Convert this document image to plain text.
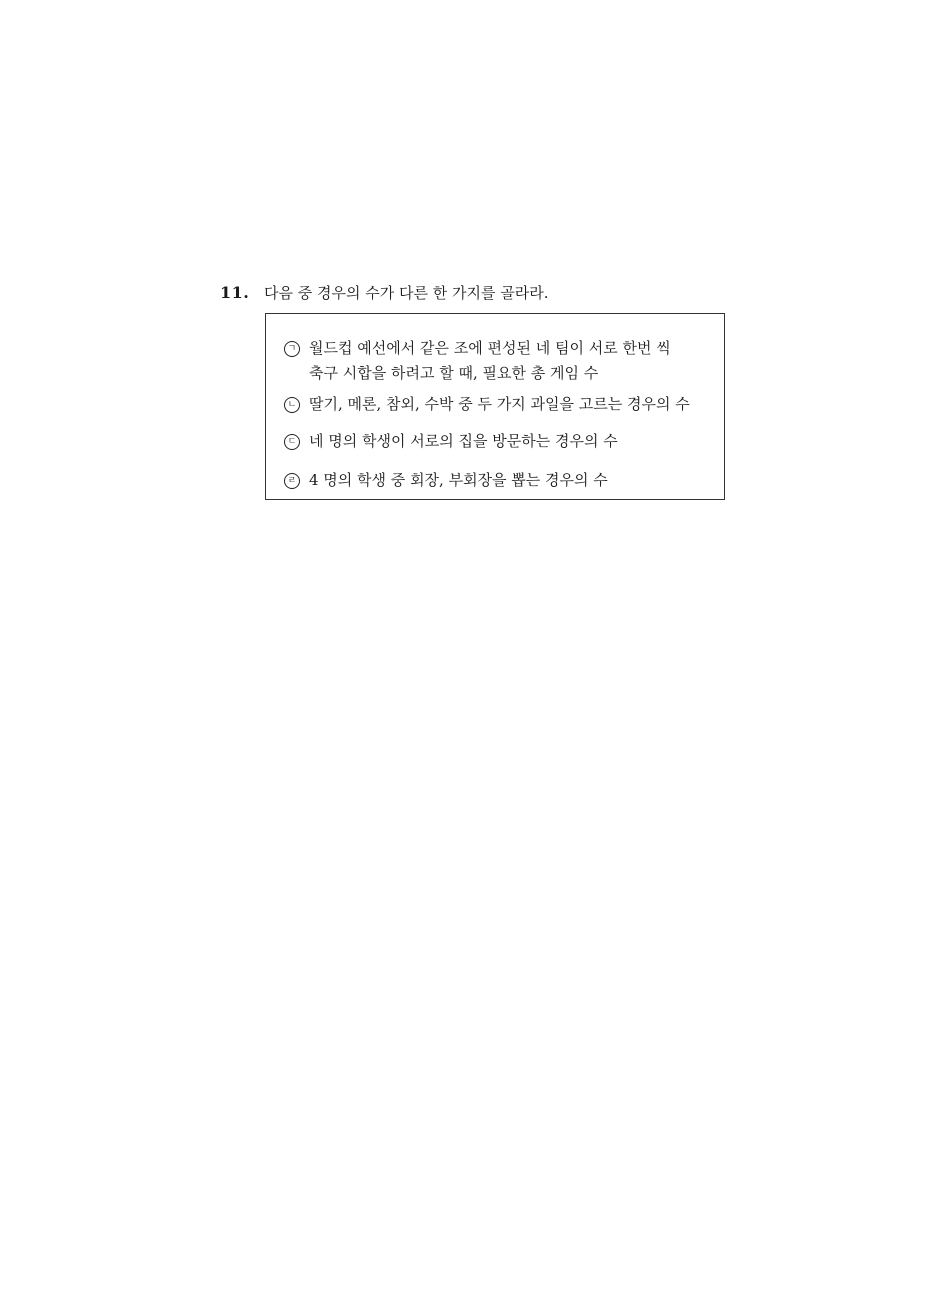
11. 다음 중 경우의 수가 다른 한 가지를 골라라.
ㄱ 월드컵 예선에서 같은 조에 편성된 네 팀이 서로 한번 씩
축구 시합을 하려고 할 때, 필요한 총 게임 수
ㄴ 딸기, 메론, 참외, 수박 중 두 가지 과일을 고르는 경우의 수
ㄷ 네 명의 학생이 서로의 집을 방문하는 경우의 수
ㄹ 4 명의 학생 중 회장, 부회장을 뽑는 경우의 수
